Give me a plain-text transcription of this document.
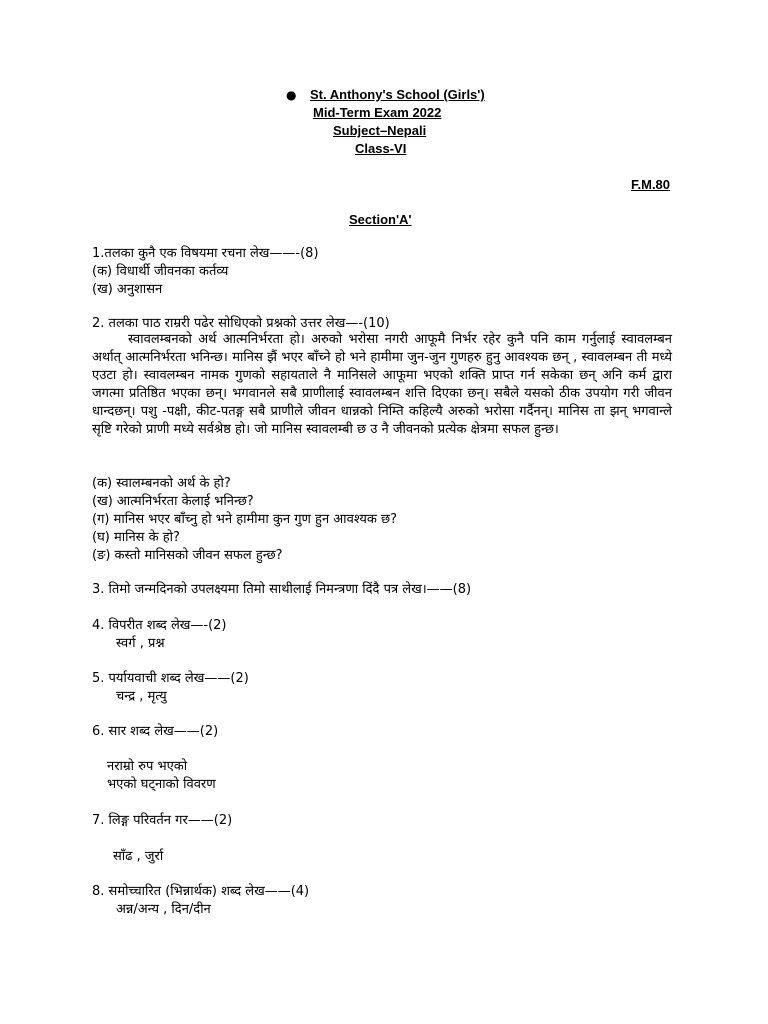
● St. Anthony's School (Girls')
Mid-Term Exam 2022
Subject–Nepali
Class-VI
F.M.80
Section'A'
1.तलका कुनै एक विषयमा रचना लेख——-(8)
(क) विधार्थी जीवनका कर्तव्य
(ख) अनुशासन
2. तलका पाठ राम्ररी पढेर सोधिएको प्रश्नको उत्तर लेख—-(10)
स्वावलम्बनको अर्थ आत्मनिर्भरता हो। अरुको भरोसा नगरी आफूमै निर्भर रहेर कुनै पनि काम गर्नुलाई स्वावलम्बन अर्थात् आत्मनिर्भरता भनिन्छ। मानिस झैं भएर बाँच्ने हो भने हामीमा जुन-जुन गुणहरु हुनु आवश्यक छन् , स्वावलम्बन ती मध्ये एउटा हो। स्वावलम्बन नामक गुणको सहायताले नै मानिसले आफूमा भएको शक्ति प्राप्त गर्न सकेका छन् अनि कर्म द्वारा जगत्मा प्रतिष्ठित भएका छन्। भगवानले सबै प्राणीलाई स्वावलम्बन शत्ति दिएका छन्। सबैले यसको ठीक उपयोग गरी जीवन धान्दछन्। पशु -पक्षी, कीट-पतङ्ग सबै प्राणीले जीवन धान्नको निम्ति कहिल्यै अरुको भरोसा गर्दैनन्। मानिस ता झन् भगवान्ले सृष्टि गरेको प्राणी मध्ये सर्वश्रेष्ठ हो। जो मानिस स्वावलम्बी छ उ नै जीवनको प्रत्येक क्षेत्रमा सफल हुन्छ।
(क) स्वालम्बनको अर्थ के हो?
(ख) आत्मनिर्भरता केलाई भनिन्छ?
(ग) मानिस भएर बाँच्नु हो भने हामीमा कुन गुण हुन आवश्यक छ?
(घ) मानिस के हो?
(ङ) कस्तो मानिसको जीवन सफल हुन्छ?
3. तिमो जन्मदिनको उपलक्ष्यमा तिमो साथीलाई निमन्त्रणा दिंदै पत्र लेख।——(8)
4. विपरीत शब्द लेख—-(2)
स्वर्ग , प्रश्न
5. पर्यायवाची शब्द लेख——(2)
चन्द्र , मृत्यु
6. सार शब्द लेख——(2)
नराम्रो रुप भएको
भएको घट्नाको विवरण
7. लिङ्ग परिवर्तन गर——(2)
साँढ , जुर्रा
8. समोच्चारित (भिन्नार्थक) शब्द लेख——(4)
अन्न/अन्य , दिन/दीन
